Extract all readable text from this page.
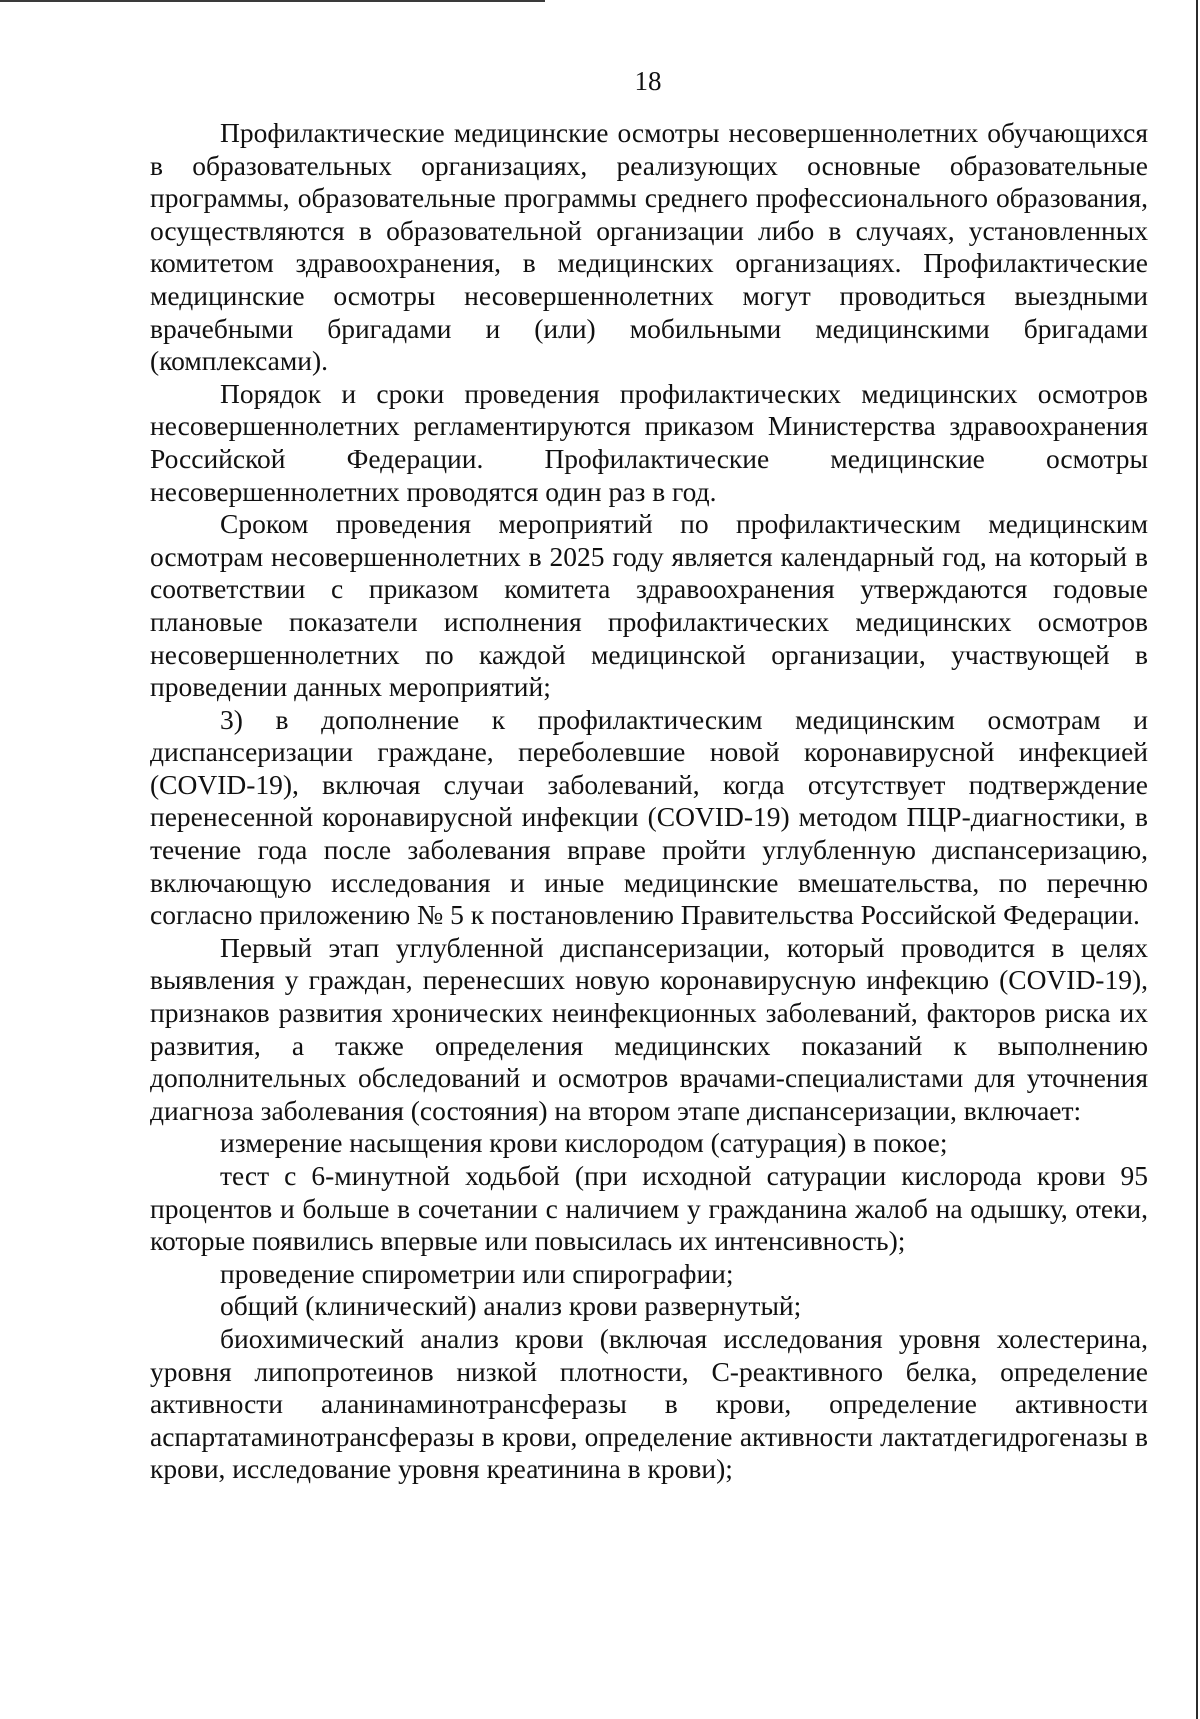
18

Профилактические медицинские осмотры несовершеннолетних обучающихся в образовательных организациях, реализующих основные образовательные программы, образовательные программы среднего профессионального образования, осуществляются в образовательной организации либо в случаях, установленных комитетом здравоохранения, в медицинских организациях. Профилактические медицинские осмотры несовершеннолетних могут проводиться выездными врачебными бригадами и (или) мобильными медицинскими бригадами (комплексами).

Порядок и сроки проведения профилактических медицинских осмотров несовершеннолетних регламентируются приказом Министерства здравоохранения Российской Федерации. Профилактические медицинские осмотры несовершеннолетних проводятся один раз в год.

Сроком проведения мероприятий по профилактическим медицинским осмотрам несовершеннолетних в 2025 году является календарный год, на который в соответствии с приказом комитета здравоохранения утверждаются годовые плановые показатели исполнения профилактических медицинских осмотров несовершеннолетних по каждой медицинской организации, участвующей в проведении данных мероприятий;

3) в дополнение к профилактическим медицинским осмотрам и диспансеризации граждане, переболевшие новой коронавирусной инфекцией (COVID-19), включая случаи заболеваний, когда отсутствует подтверждение перенесенной коронавирусной инфекции (COVID-19) методом ПЦР-диагностики, в течение года после заболевания вправе пройти углубленную диспансеризацию, включающую исследования и иные медицинские вмешательства, по перечню согласно приложению № 5 к постановлению Правительства Российской Федерации.

Первый этап углубленной диспансеризации, который проводится в целях выявления у граждан, перенесших новую коронавирусную инфекцию (COVID-19), признаков развития хронических неинфекционных заболеваний, факторов риска их развития, а также определения медицинских показаний к выполнению дополнительных обследований и осмотров врачами-специалистами для уточнения диагноза заболевания (состояния) на втором этапе диспансеризации, включает:

измерение насыщения крови кислородом (сатурация) в покое;

тест с 6-минутной ходьбой (при исходной сатурации кислорода крови 95 процентов и больше в сочетании с наличием у гражданина жалоб на одышку, отеки, которые появились впервые или повысилась их интенсивность);

проведение спирометрии или спирографии;

общий (клинический) анализ крови развернутый;

биохимический анализ крови (включая исследования уровня холестерина, уровня липопротеинов низкой плотности, С-реактивного белка, определение активности аланинаминотрансферазы в крови, определение активности аспартатаминотрансферазы в крови, определение активности лактатдегидрогеназы в крови, исследование уровня креатинина в крови);
